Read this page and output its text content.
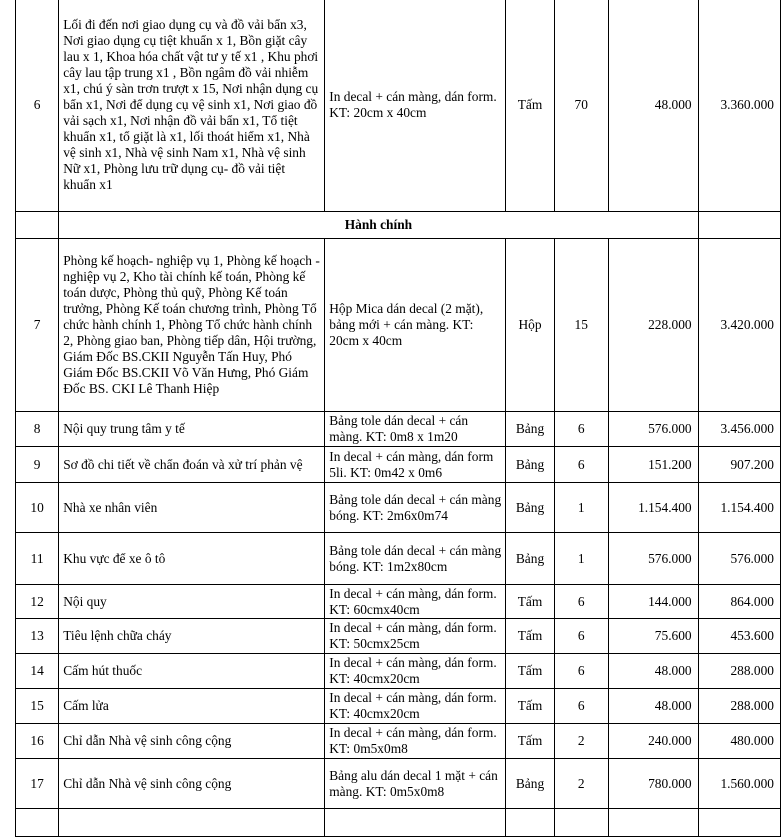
6	Lối đi đến nơi giao dụng cụ và đồ vải bẩn x3, Nơi giao dụng cụ tiệt khuẩn x 1, Bồn giặt cây lau x 1, Khoa hóa chất vật tư y tế x1 , Khu phơi cây lau tập trung x1 , Bồn ngâm đồ vải nhiễm x1, chú ý sàn trơn trượt x 15, Nơi nhận dụng cụ bẩn x1, Nơi để dụng cụ vệ sinh x1, Nơi giao đồ vải sạch x1, Nơi nhận đồ vải bẩn x1, Tổ tiệt khuẩn x1, tổ giặt là x1, lối thoát hiểm x1, Nhà vệ sinh x1, Nhà vệ sinh Nam x1, Nhà vệ sinh Nữ x1, Phòng lưu trữ dụng cụ- đồ vải tiệt khuẩn x1	In decal + cán màng, dán form. KT: 20cm x 40cm	Tấm	70	48.000	3.360.000
	Hành chính					
7	Phòng kế hoạch- nghiệp vụ 1, Phòng kế hoạch - nghiệp vụ 2, Kho tài chính kế toán, Phòng kế toán dược, Phòng thủ quỹ, Phòng Kế toán trưởng, Phòng Kế toán chương trình, Phòng Tổ chức hành chính 1, Phòng Tổ chức hành chính 2, Phòng giao ban, Phòng tiếp dân, Hội trường, Giám Đốc BS.CKII Nguyễn Tấn Huy, Phó Giám Đốc BS.CKII Võ Văn Hưng, Phó Giám Đốc BS. CKI Lê Thanh Hiệp	Hộp Mica dán decal (2 mặt), bảng mới + cán màng. KT: 20cm x 40cm	Hộp	15	228.000	3.420.000
8	Nội quy trung tâm y tế	Bảng tole dán decal + cán màng. KT: 0m8 x 1m20	Bảng	6	576.000	3.456.000
9	Sơ đồ chi tiết về chẩn đoán và xử trí phản vệ	In decal + cán màng, dán form 5li. KT: 0m42 x 0m6	Bảng	6	151.200	907.200
10	Nhà xe nhân viên	Bảng tole dán decal + cán màng bóng. KT: 2m6x0m74	Bảng	1	1.154.400	1.154.400
11	Khu vực để xe ô tô	Bảng tole dán decal + cán màng bóng. KT: 1m2x80cm	Bảng	1	576.000	576.000
12	Nội quy	In decal + cán màng, dán form. KT: 60cmx40cm	Tấm	6	144.000	864.000
13	Tiêu lệnh chữa cháy	In decal + cán màng, dán form. KT: 50cmx25cm	Tấm	6	75.600	453.600
14	Cấm hút thuốc	In decal + cán màng, dán form. KT: 40cmx20cm	Tấm	6	48.000	288.000
15	Cấm lửa	In decal + cán màng, dán form. KT: 40cmx20cm	Tấm	6	48.000	288.000
16	Chỉ dẫn Nhà vệ sinh công cộng	In decal + cán màng, dán form. KT: 0m5x0m8	Tấm	2	240.000	480.000
17	Chỉ dẫn Nhà vệ sinh công cộng	Bảng alu dán decal 1 mặt + cán màng. KT: 0m5x0m8	Bảng	2	780.000	1.560.000
